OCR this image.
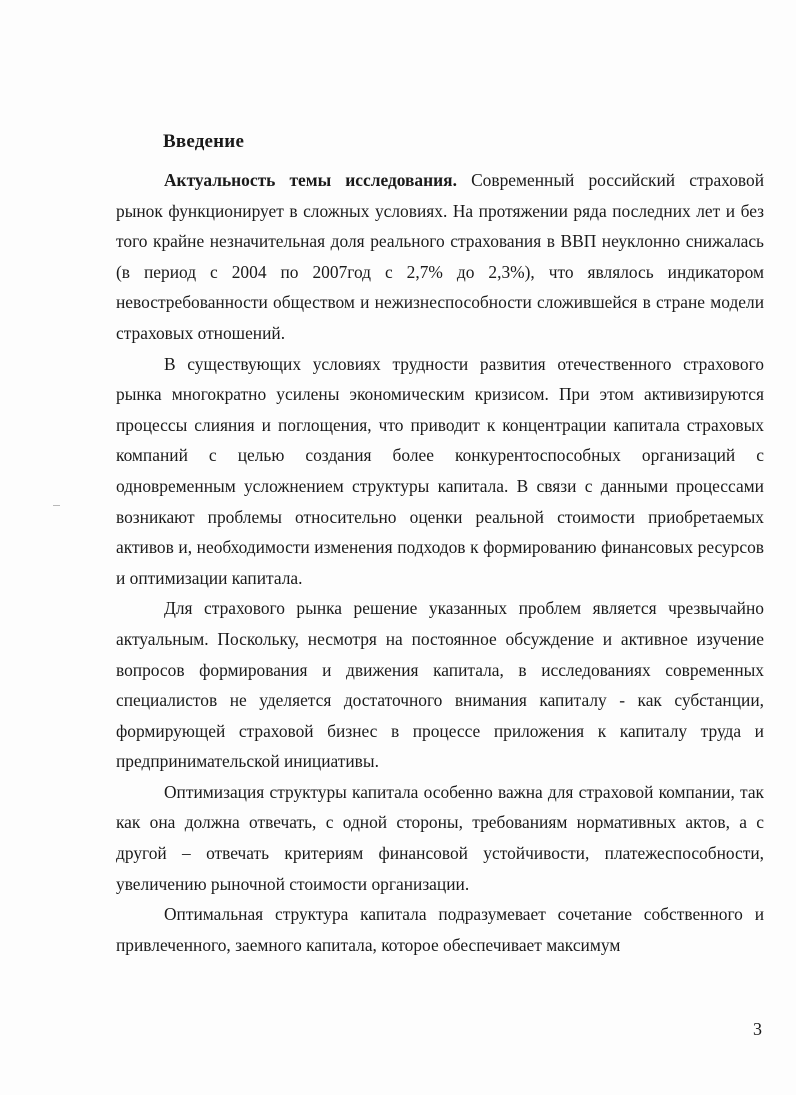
Введение

Актуальность темы исследования. Современный российский страховой рынок функционирует в сложных условиях. На протяжении ряда последних лет и без того крайне незначительная доля реального страхования в ВВП неуклонно снижалась (в период с 2004 по 2007год с 2,7% до 2,3%), что являлось индикатором невостребованности обществом и нежизнеспособности сложившейся в стране модели страховых отношений.

В существующих условиях трудности развития отечественного страхового рынка многократно усилены экономическим кризисом. При этом активизируются процессы слияния и поглощения, что приводит к концентрации капитала страховых компаний с целью создания более конкурентоспособных организаций с одновременным усложнением структуры капитала. В связи с данными процессами возникают проблемы относительно оценки реальной стоимости приобретаемых активов и, необходимости изменения подходов к формированию финансовых ресурсов и оптимизации капитала.

Для страхового рынка решение указанных проблем является чрезвычайно актуальным. Поскольку, несмотря на постоянное обсуждение и активное изучение вопросов формирования и движения капитала, в исследованиях современных специалистов не уделяется достаточного внимания капиталу - как субстанции, формирующей страховой бизнес в процессе приложения к капиталу труда и предпринимательской инициативы.

Оптимизация структуры капитала особенно важна для страховой компании, так как она должна отвечать, с одной стороны, требованиям нормативных актов, а с другой – отвечать критериям финансовой устойчивости, платежеспособности, увеличению рыночной стоимости организации.

Оптимальная структура капитала подразумевает сочетание собственного и привлеченного, заемного капитала, которое обеспечивает максимум

3
